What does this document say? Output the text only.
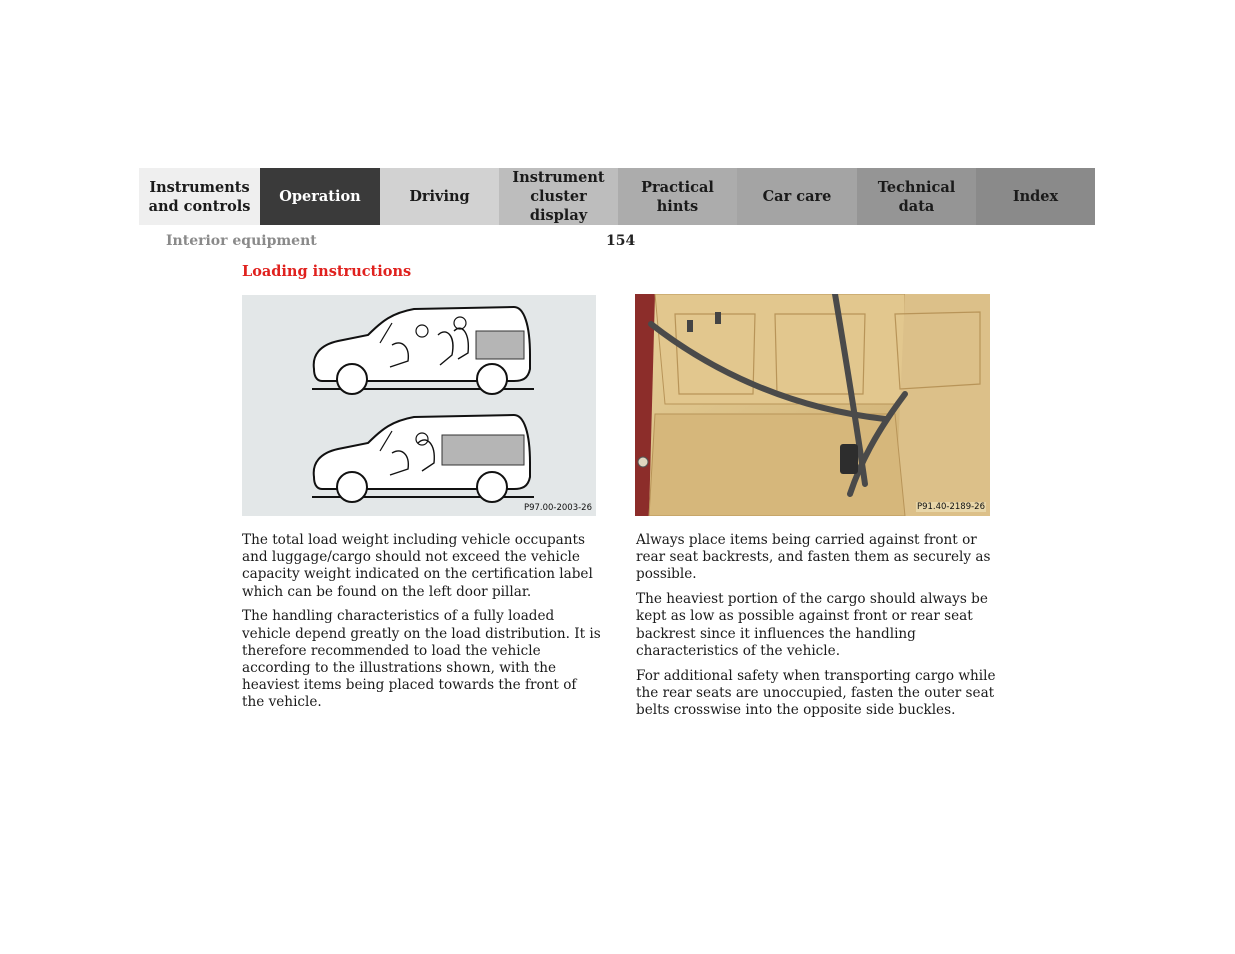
Instruments
and controls
Operation	Driving
Instrument
cluster display
Practical hints
Car care
Technical
data
Index
Interior equipment	154
Loading instructions
P97.00-2003-26	P91.40-2189-26

The total load weight including vehicle occupants and luggage/cargo should not exceed the vehicle capacity weight indicated on the certification label which can be found on the left door pillar.

The handling characteristics of a fully loaded vehicle depend greatly on the load distribution. It is therefore recommended to load the vehicle according to the illustrations shown, with the heaviest items being placed towards the front of the vehicle.

Always place items being carried against front or rear seat backrests, and fasten them as securely as possible.

The heaviest portion of the cargo should always be kept as low as possible against front or rear seat backrest since it influences the handling characteristics of the vehicle.

For additional safety when transporting cargo while the rear seats are unoccupied, fasten the outer seat belts crosswise into the opposite side buckles.
